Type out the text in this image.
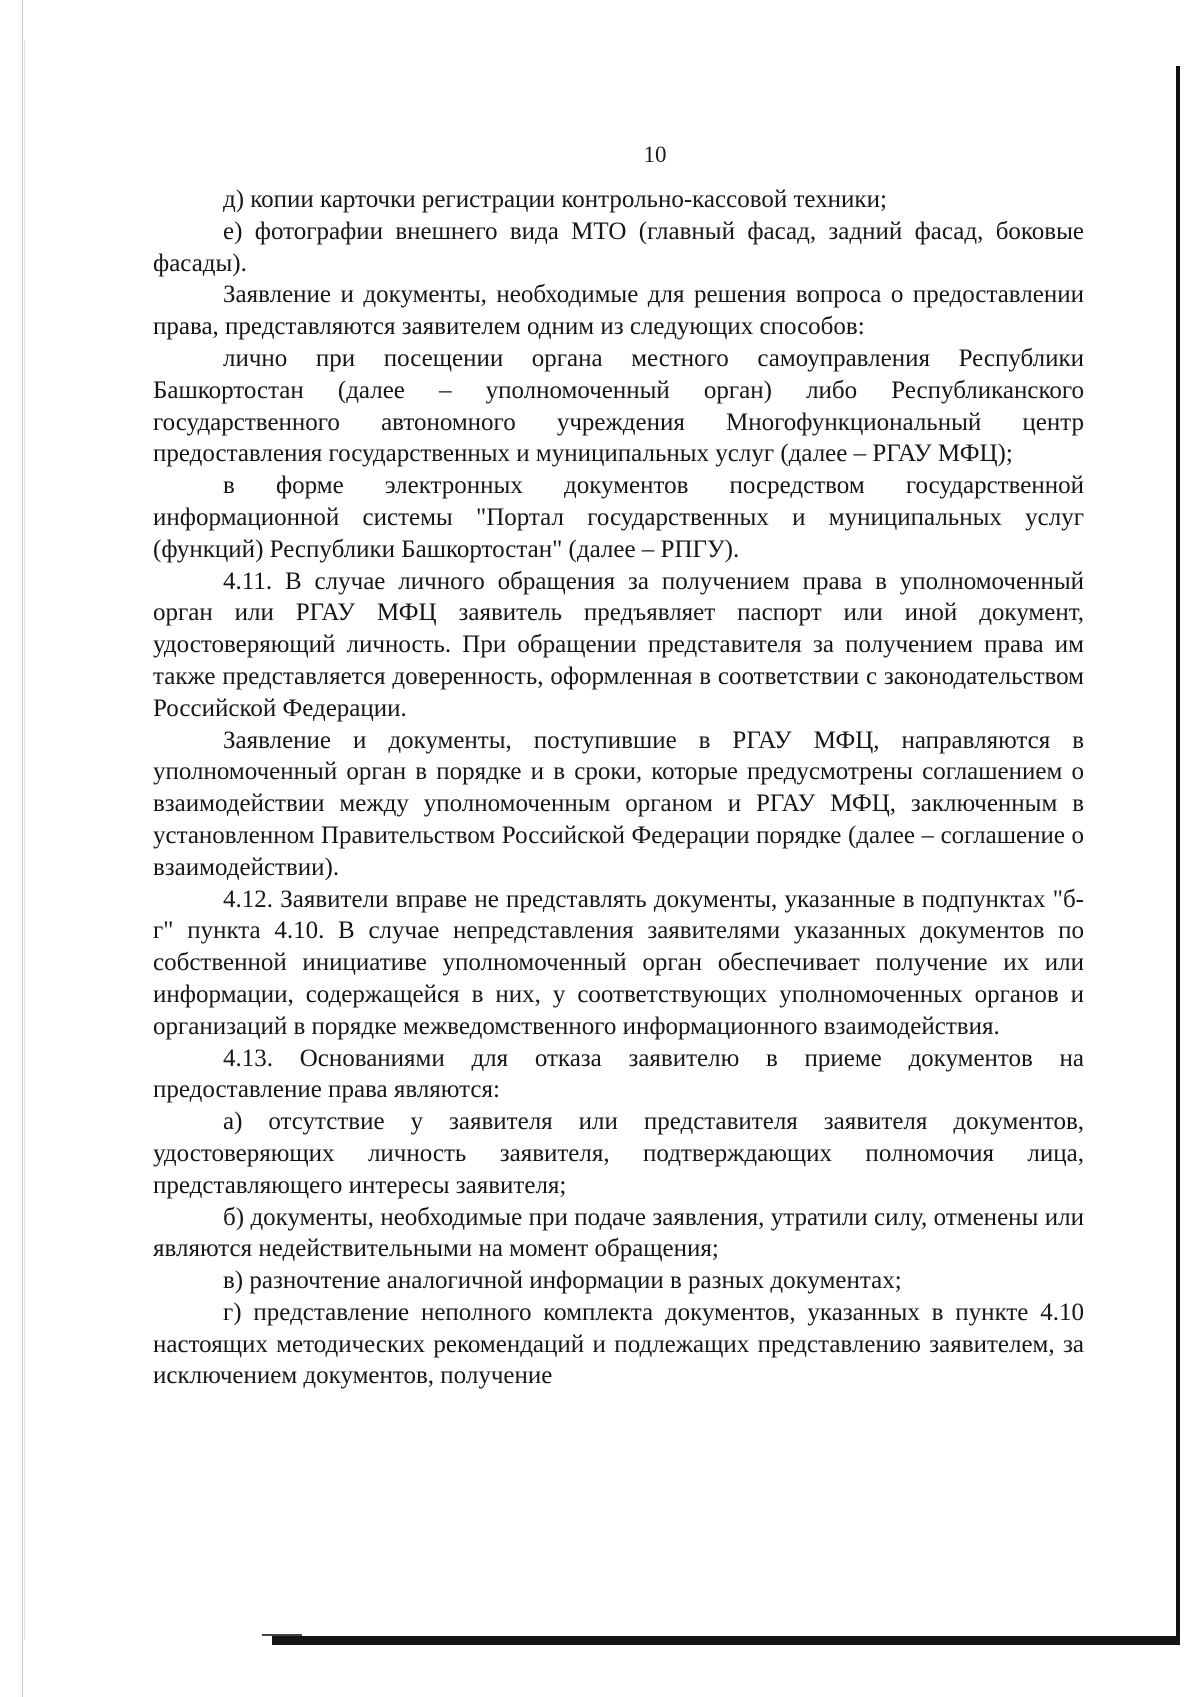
10

д) копии карточки регистрации контрольно-кассовой техники;

е) фотографии внешнего вида МТО (главный фасад, задний фасад, боковые фасады).

Заявление и документы, необходимые для решения вопроса о предоставлении права, представляются заявителем одним из следующих способов:

лично при посещении органа местного самоуправления Республики Башкортостан (далее – уполномоченный орган) либо Республиканского государственного автономного учреждения Многофункциональный центр предоставления государственных и муниципальных услуг (далее – РГАУ МФЦ);

в форме электронных документов посредством государственной информационной системы "Портал государственных и муниципальных услуг (функций) Республики Башкортостан" (далее – РПГУ).

4.11. В случае личного обращения за получением права в уполномоченный орган или РГАУ МФЦ заявитель предъявляет паспорт или иной документ, удостоверяющий личность. При обращении представителя за получением права им также представляется доверенность, оформленная в соответствии с законодательством Российской Федерации.

Заявление и документы, поступившие в РГАУ МФЦ, направляются в уполномоченный орган в порядке и в сроки, которые предусмотрены соглашением о взаимодействии между уполномоченным органом и РГАУ МФЦ, заключенным в установленном Правительством Российской Федерации порядке (далее – соглашение о взаимодействии).

4.12. Заявители вправе не представлять документы, указанные в подпунктах "б-г" пункта 4.10. В случае непредставления заявителями указанных документов по собственной инициативе уполномоченный орган обеспечивает получение их или информации, содержащейся в них, у соответствующих уполномоченных органов и организаций в порядке межведомственного информационного взаимодействия.

4.13. Основаниями для отказа заявителю в приеме документов на предоставление права являются:

а) отсутствие у заявителя или представителя заявителя документов, удостоверяющих личность заявителя, подтверждающих полномочия лица, представляющего интересы заявителя;

б) документы, необходимые при подаче заявления, утратили силу, отменены или являются недействительными на момент обращения;

в) разночтение аналогичной информации в разных документах;

г) представление неполного комплекта документов, указанных в пункте 4.10 настоящих методических рекомендаций и подлежащих представлению заявителем, за исключением документов, получение
